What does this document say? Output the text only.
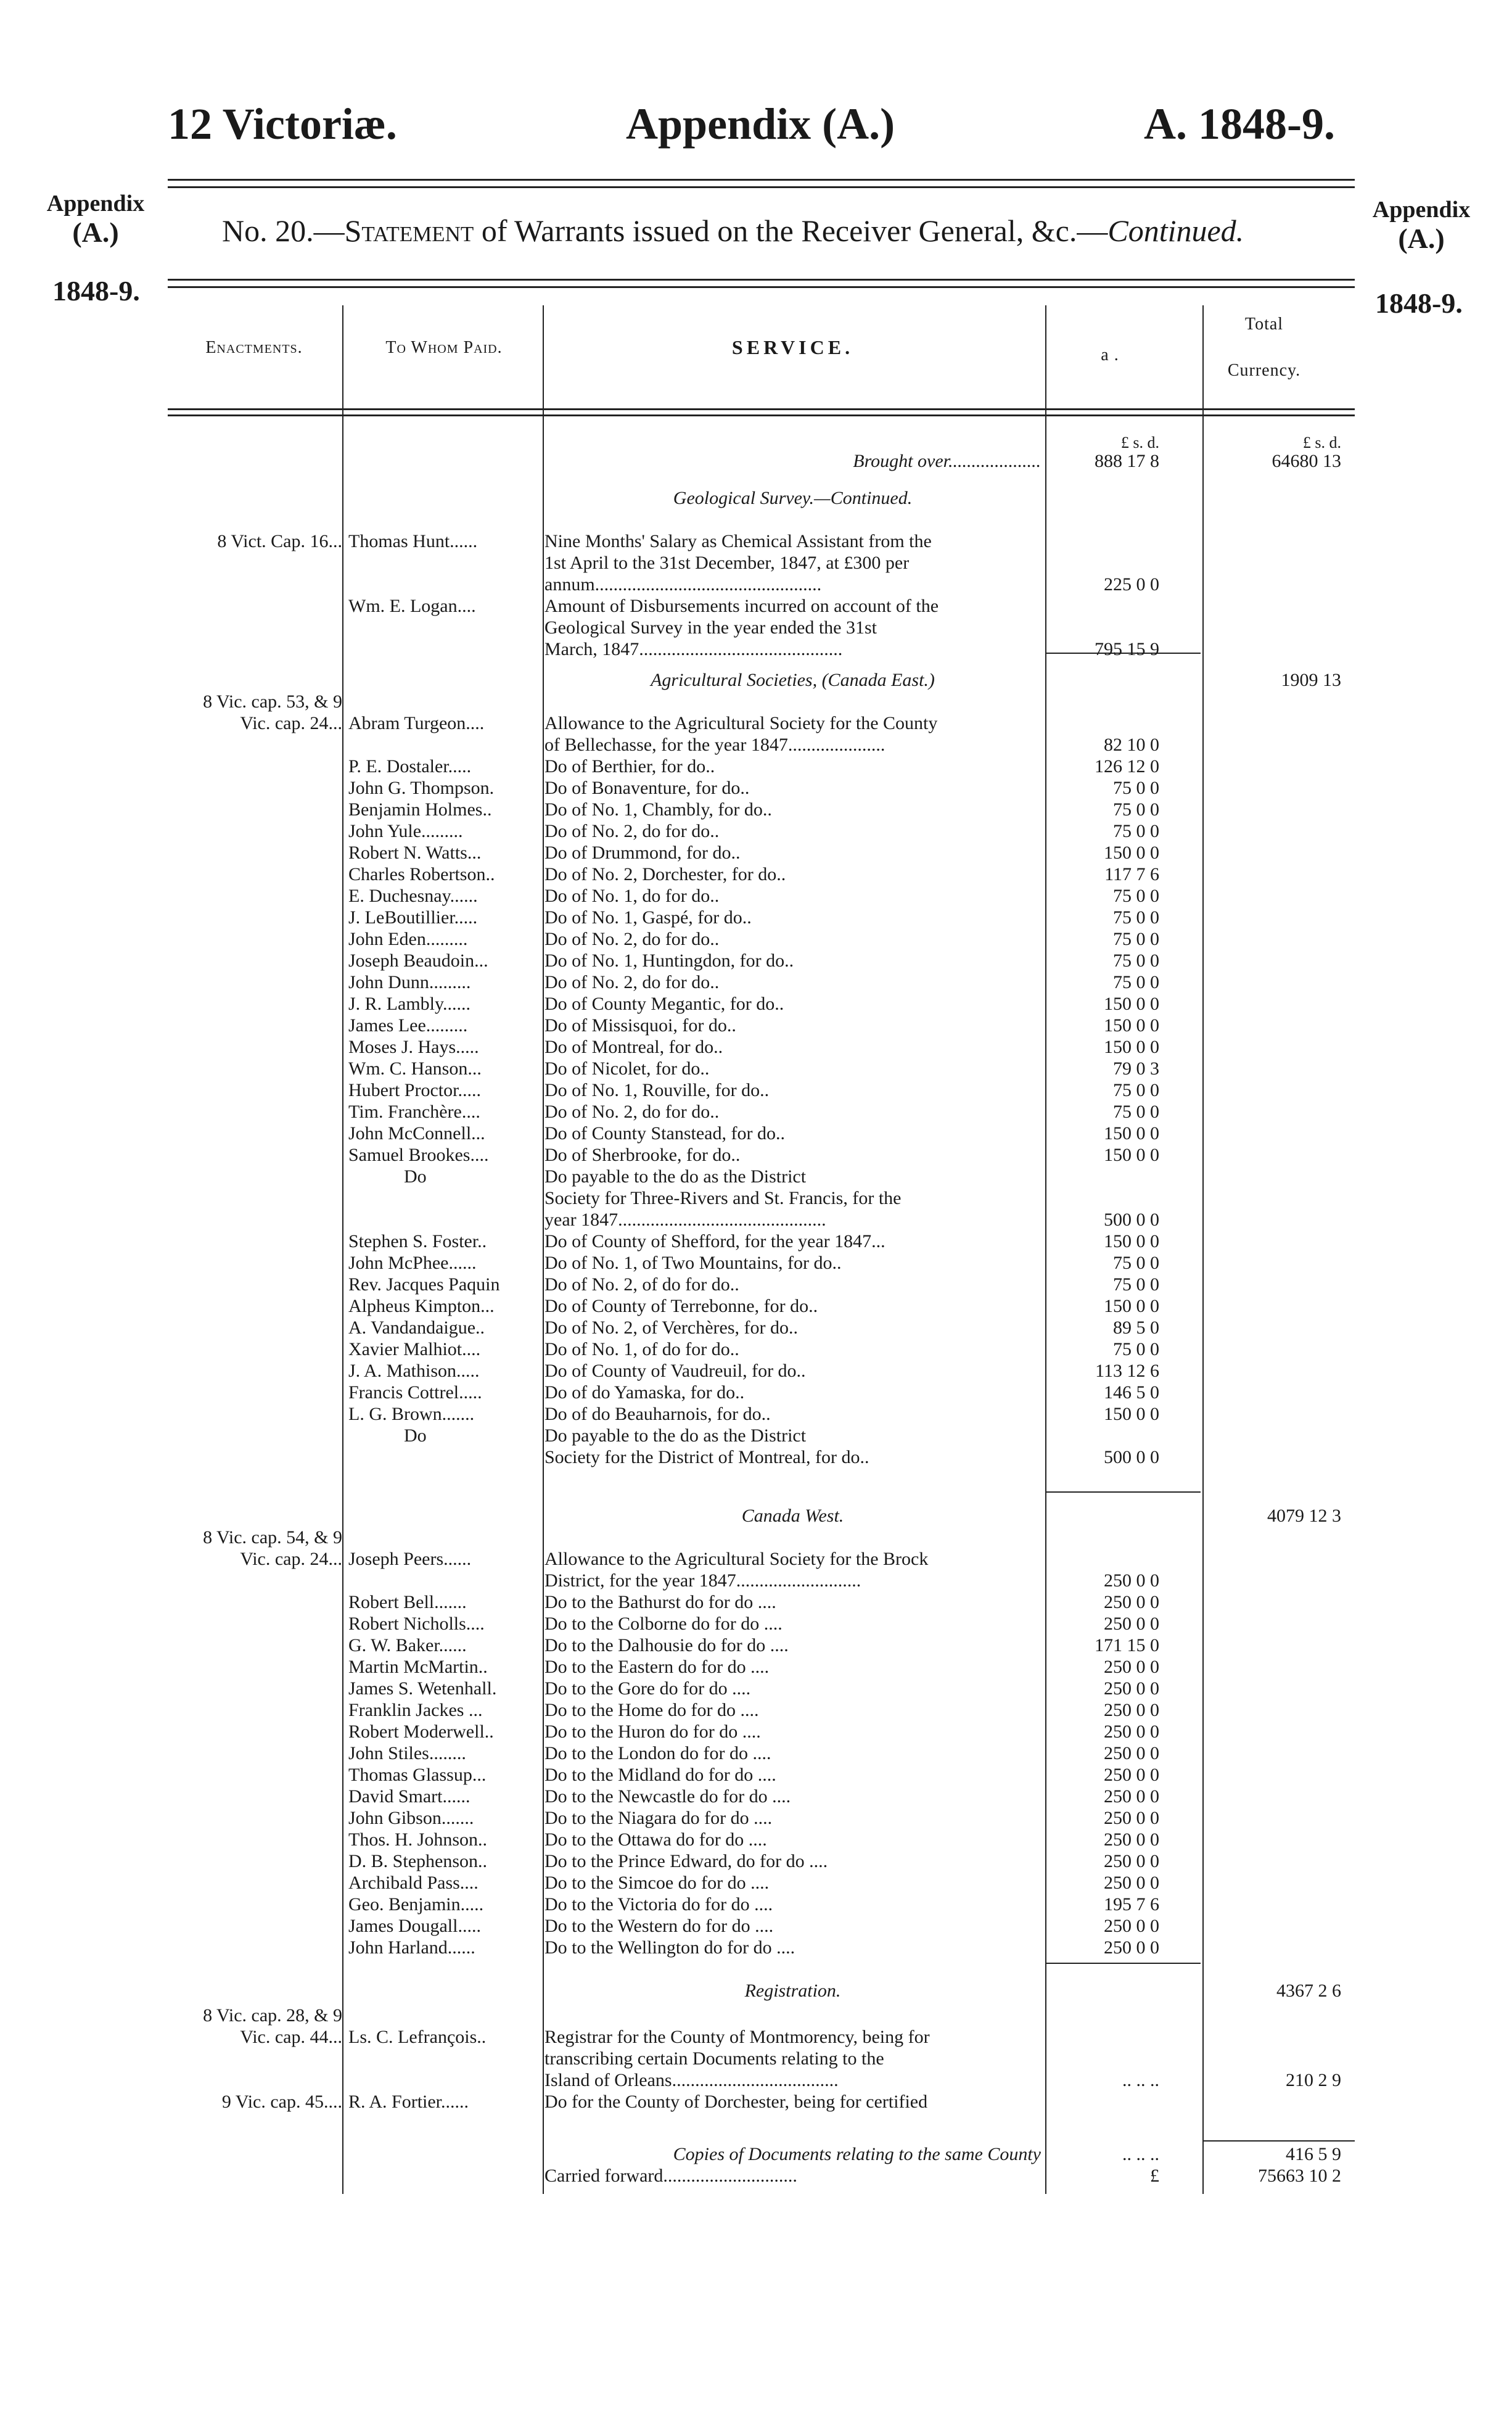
12 Victoriæ.	Appendix (A.)	A. 1848-9.
Appendix
(A.)
1848-9.
Appendix
(A.)
1848-9.
No. 20.—Statement of Warrants issued on the Receiver General, &c.—Continued.
Enactments.	To Whom Paid.	SERVICE.	a .
Total
Currency.
£ s. d.	£ s. d.
Brought over....................	888 17 8	64680 13
Geological Survey.—Continued.
8 Vict. Cap. 16... Thomas Hunt......	Nine Months' Salary as Chemical Assistant from the
1st April to the 31st December, 1847, at £300 per
annum.................................................	225 0 0
Wm. E. Logan....	Amount of Disbursements incurred on account of the
Geological Survey in the year ended the 31st
March, 1847............................................	795 15 9
Agricultural Societies, (Canada East.)	1909 13
8 Vic. cap. 53, & 9
Vic. cap. 24... Abram Turgeon....	Allowance to the Agricultural Society for the County
of Bellechasse, for the year 1847.....................	82 10 0
P. E. Dostaler.....	Do of Berthier, for do..	126 12 0
John G. Thompson.	Do of Bonaventure, for do..	75 0 0
Benjamin Holmes..	Do of No. 1, Chambly, for do..	75 0 0
John Yule.........	Do of No. 2, do for do..	75 0 0
Robert N. Watts...	Do of Drummond, for do..	150 0 0
Charles Robertson..	Do of No. 2, Dorchester, for do..	117 7 6
E. Duchesnay......	Do of No. 1, do for do..	75 0 0
J. LeBoutillier.....	Do of No. 1, Gaspé, for do..	75 0 0
John Eden.........	Do of No. 2, do for do..	75 0 0
Joseph Beaudoin...	Do of No. 1, Huntingdon, for do..	75 0 0
John Dunn.........	Do of No. 2, do for do..	75 0 0
J. R. Lambly......	Do of County Megantic, for do..	150 0 0
James Lee.........	Do of Missisquoi, for do..	150 0 0
Moses J. Hays.....	Do of Montreal, for do..	150 0 0
Wm. C. Hanson...	Do of Nicolet, for do..	79 0 3
Hubert Proctor.....	Do of No. 1, Rouville, for do..	75 0 0
Tim. Franchère....	Do of No. 2, do for do..	75 0 0
John McConnell...	Do of County Stanstead, for do..	150 0 0
Samuel Brookes....	Do of Sherbrooke, for do..	150 0 0
Do	Do payable to the do as the District
Society for Three-Rivers and St. Francis, for the
year 1847.............................................	500 0 0
Stephen S. Foster..	Do of County of Shefford, for the year 1847...	150 0 0
John McPhee......	Do of No. 1, of Two Mountains, for do..	75 0 0
Rev. Jacques Paquin	Do of No. 2, of do for do..	75 0 0
Alpheus Kimpton...	Do of County of Terrebonne, for do..	150 0 0
A. Vandandaigue..	Do of No. 2, of Verchères, for do..	89 5 0
Xavier Malhiot....	Do of No. 1, of do for do..	75 0 0
J. A. Mathison.....	Do of County of Vaudreuil, for do..	113 12 6
Francis Cottrel.....	Do of do Yamaska, for do..	146 5 0
L. G. Brown.......	Do of do Beauharnois, for do..	150 0 0
Do	Do payable to the do as the District
Society for the District of Montreal, for do..	500 0 0
Canada West.	4079 12 3
8 Vic. cap. 54, & 9
Vic. cap. 24... Joseph Peers......	Allowance to the Agricultural Society for the Brock
District, for the year 1847...........................	250 0 0
Robert Bell.......	Do to the Bathurst do for do ....	250 0 0
Robert Nicholls....	Do to the Colborne do for do ....	250 0 0
G. W. Baker......	Do to the Dalhousie do for do ....	171 15 0
Martin McMartin..	Do to the Eastern do for do ....	250 0 0
James S. Wetenhall.	Do to the Gore do for do ....	250 0 0
Franklin Jackes ...	Do to the Home do for do ....	250 0 0
Robert Moderwell..	Do to the Huron do for do ....	250 0 0
John Stiles........	Do to the London do for do ....	250 0 0
Thomas Glassup...	Do to the Midland do for do ....	250 0 0
David Smart......	Do to the Newcastle do for do ....	250 0 0
John Gibson.......	Do to the Niagara do for do ....	250 0 0
Thos. H. Johnson..	Do to the Ottawa do for do ....	250 0 0
D. B. Stephenson..	Do to the Prince Edward, do for do ....	250 0 0
Archibald Pass....	Do to the Simcoe do for do ....	250 0 0
Geo. Benjamin.....	Do to the Victoria do for do ....	195 7 6
James Dougall.....	Do to the Western do for do ....	250 0 0
John Harland......	Do to the Wellington do for do ....	250 0 0
Registration.	4367 2 6
8 Vic. cap. 28, & 9
Vic. cap. 44... Ls. C. Lefrançois..	Registrar for the County of Montmorency, being for
transcribing certain Documents relating to the
Island of Orleans....................................	.. .. ..	210 2 9
9 Vic. cap. 45.... R. A. Fortier......	Do for the County of Dorchester, being for certified
Copies of Documents relating to the same County	.. .. ..	416 5 9
Carried forward.............................	£	75663 10 2
